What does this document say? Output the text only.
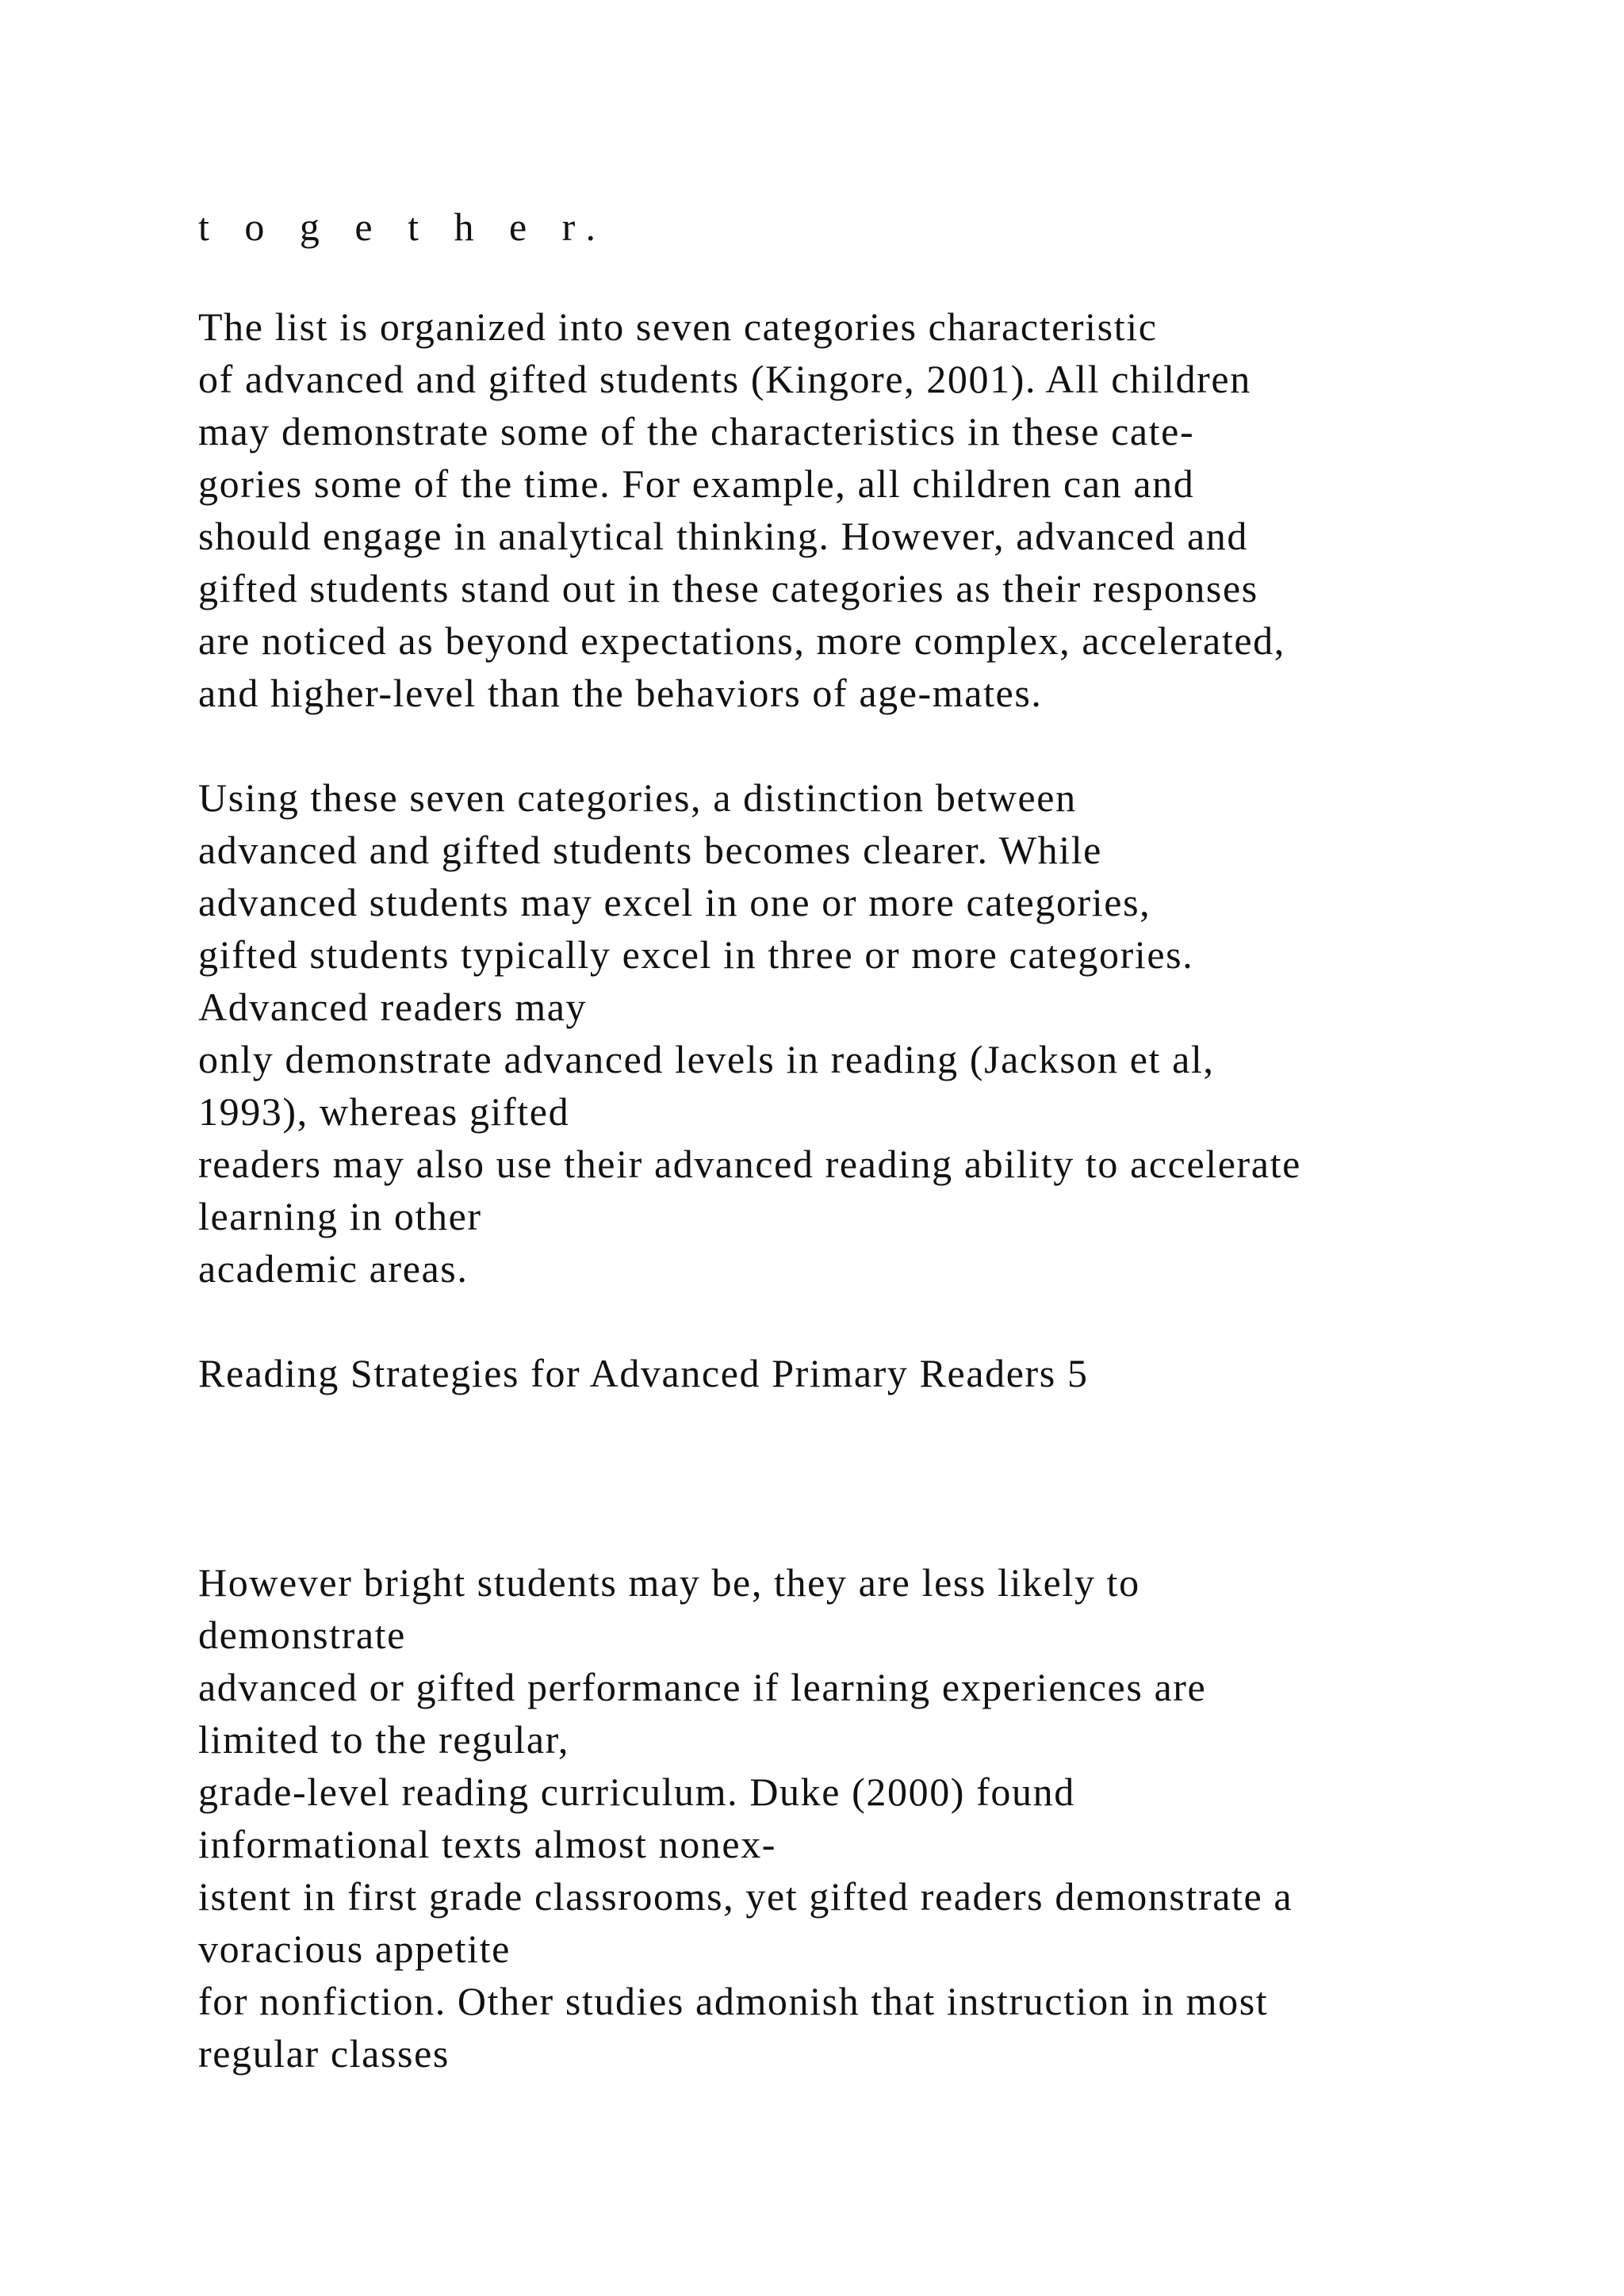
t o g e t h e r.
The list is organized into seven categories characteristic
of advanced and gifted students (Kingore, 2001). All children
may demonstrate some of the characteristics in these cate-
gories some of the time. For example, all children can and
should engage in analytical thinking. However, advanced and
gifted students stand out in these categories as their responses
are noticed as beyond expectations, more complex, accelerated,
and higher-level than the behaviors of age-mates.
Using these seven categories, a distinction between
advanced and gifted students becomes clearer. While
advanced students may excel in one or more categories,
gifted students typically excel in three or more categories.
Advanced readers may
only demonstrate advanced levels in reading (Jackson et al,
1993), whereas gifted
readers may also use their advanced reading ability to accelerate
learning in other
academic areas.
Reading Strategies for Advanced Primary Readers 5
However bright students may be, they are less likely to
demonstrate
advanced or gifted performance if learning experiences are
limited to the regular,
grade-level reading curriculum. Duke (2000) found
informational texts almost nonex-
istent in first grade classrooms, yet gifted readers demonstrate a
voracious appetite
for nonfiction. Other studies admonish that instruction in most
regular classes
